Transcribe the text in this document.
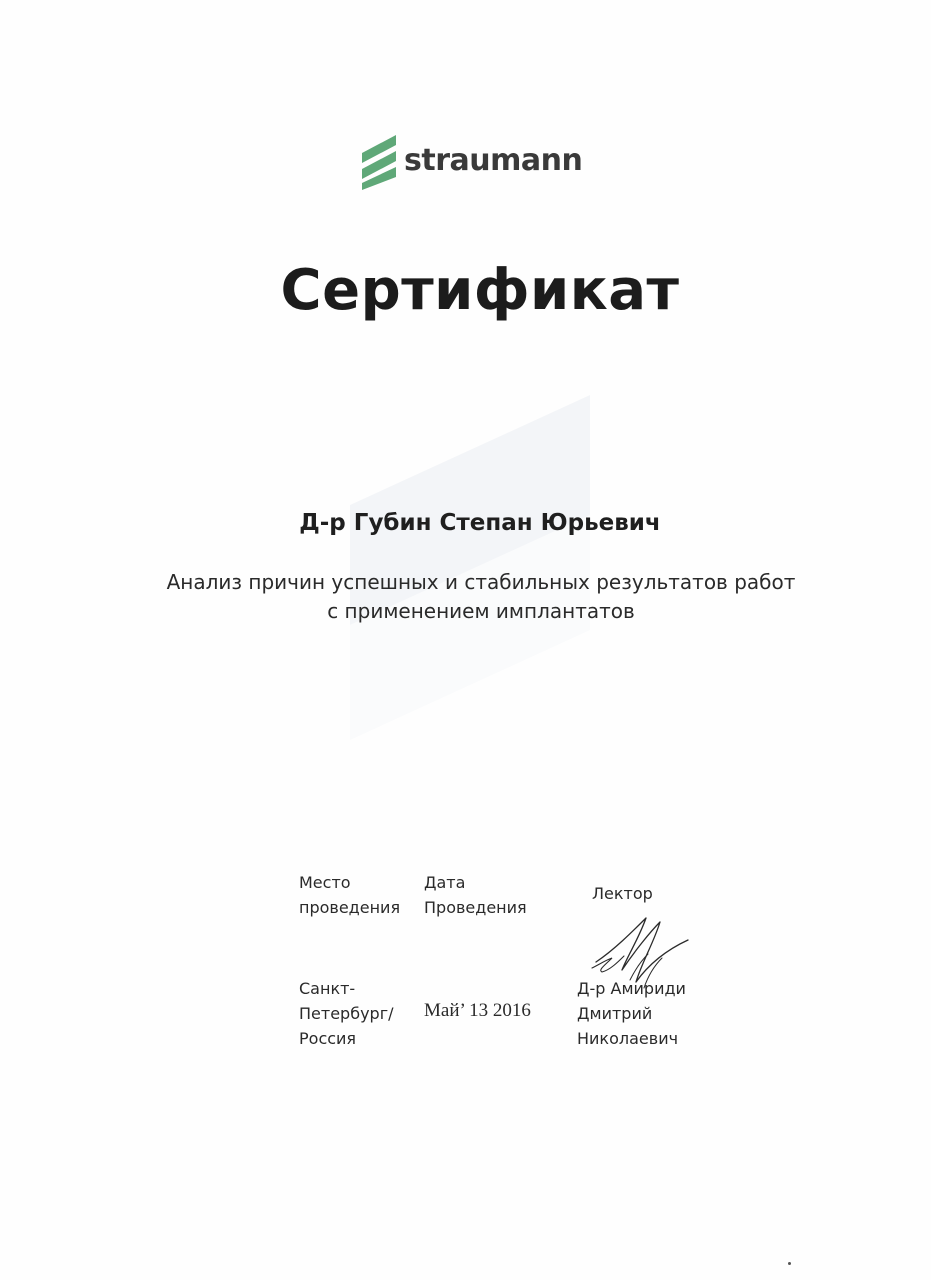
straumann
Сертификат
Д-р Губин Степан Юрьевич
Анализ причин успешных и стабильных результатов работ
с применением имплантатов
Место
проведения
Дата
Проведения
Лектор
Санкт-
Петербург/
Россия
Май’ 13 2016
Д-р Амириди
Дмитрий
Николаевич
